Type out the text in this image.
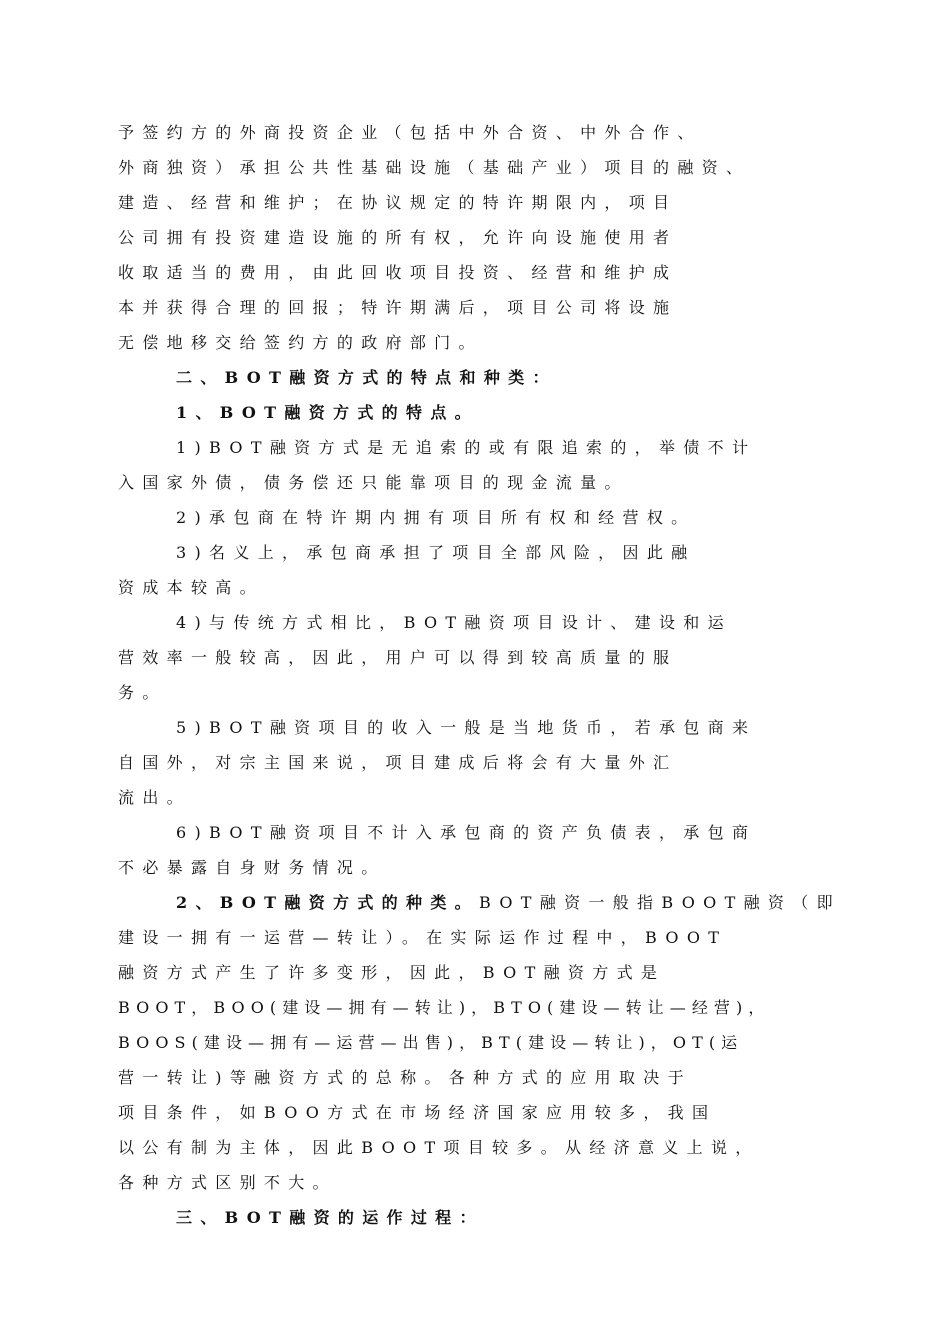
予签约方的外商投资企业（包括中外合资、中外合作、
外商独资）承担公共性基础设施（基础产业）项目的融资、
建造、经营和维护；在协议规定的特许期限内，项目
公司拥有投资建造设施的所有权，允许向设施使用者
收取适当的费用，由此回收项目投资、经营和维护成
本并获得合理的回报；特许期满后，项目公司将设施
无偿地移交给签约方的政府部门。
二、BOT融资方式的特点和种类：
1、BOT融资方式的特点。
1)BOT融资方式是无追索的或有限追索的，举债不计
入国家外债，债务偿还只能靠项目的现金流量。
2)承包商在特许期内拥有项目所有权和经营权。
3)名义上，承包商承担了项目全部风险，因此融
资成本较高。
4)与传统方式相比，BOT融资项目设计、建设和运
营效率一般较高，因此，用户可以得到较高质量的服
务。
5)BOT融资项目的收入一般是当地货币，若承包商来
自国外，对宗主国来说，项目建成后将会有大量外汇
流出。
6)BOT融资项目不计入承包商的资产负债表，承包商
不必暴露自身财务情况。
2、BOT融资方式的种类。BOT融资一般指BOOT融资（即
建设一拥有一运营—转让）。在实际运作过程中，BOOT
融资方式产生了许多变形，因此，BOT融资方式是
BOOT，BOO(建设—拥有—转让)，BTO(建设—转让—经营)，
BOOS(建设—拥有—运营—出售)，BT(建设—转让)，OT(运
营一转让)等融资方式的总称。各种方式的应用取决于
项目条件，如BOO方式在市场经济国家应用较多，我国
以公有制为主体，因此BOOT项目较多。从经济意义上说，
各种方式区别不大。
三、BOT融资的运作过程：
